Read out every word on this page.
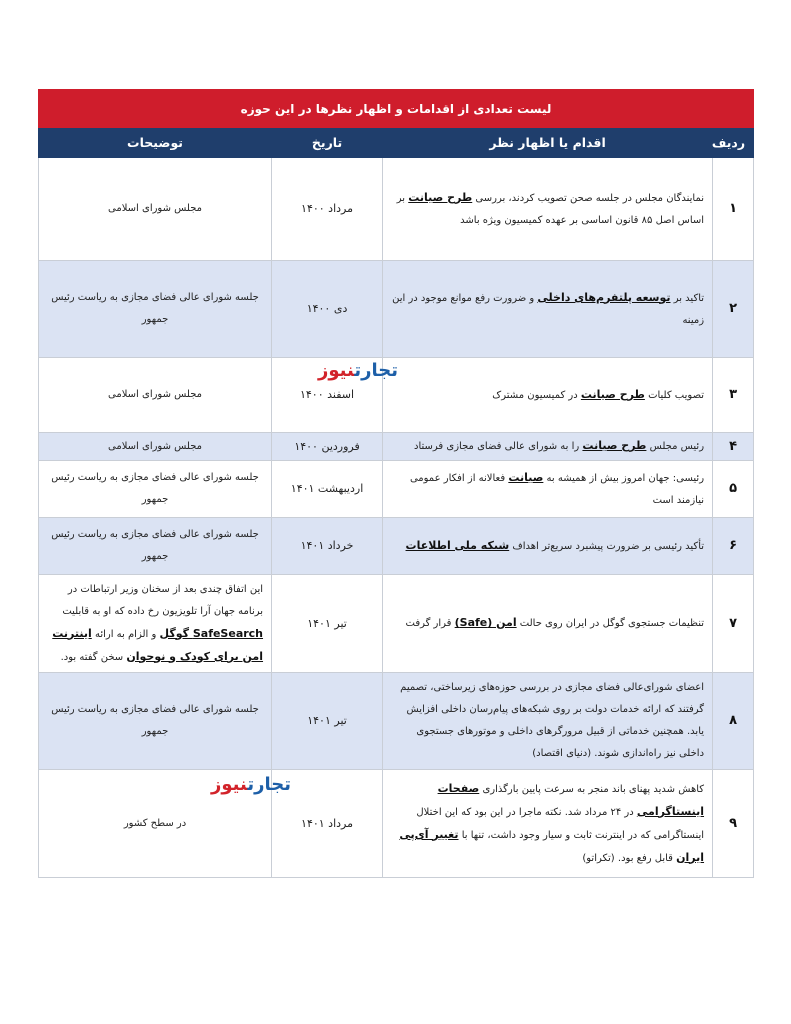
لیست تعدادی از اقدامات و اظهار نظرها در این حوزه			
ردیف	اقدام یا اظهار نظر	تاریخ	توضیحات
۱	نمایندگان مجلس در جلسه صحن تصویب کردند، بررسی طرح صیانت بر اساس اصل ۸۵ قانون اساسی بر عهده کمیسیون ویژه باشد	مرداد ۱۴۰۰	مجلس شورای اسلامی
۲	تاکید بر توسعه پلتفرم‌های داخلی و ضرورت رفع موانع موجود در این زمینه	دی ۱۴۰۰	جلسه شورای عالی فضای مجازی به ریاست رئیس جمهور
۳	تصویب کلیات طرح صیانت در کمیسیون مشترک	اسفند ۱۴۰۰	مجلس شورای اسلامی
۴	رئیس مجلس طرح صیانت را به شورای عالی فضای مجازی فرستاد	فروردین ۱۴۰۰	مجلس شورای اسلامی
۵	رئیسی: جهان امروز بیش از همیشه به صیانت فعالانه از افکار عمومی نیازمند است	اردیبهشت ۱۴۰۱	جلسه شورای عالی فضای مجازی به ریاست رئیس جمهور
۶	تأکید رئیسی بر ضرورت پیشبرد سریع‌تر اهداف شبکه ملی اطلاعات	خرداد ۱۴۰۱	جلسه شورای عالی فضای مجازی به ریاست رئیس جمهور
۷	تنظیمات جستجوی گوگل در ایران روی حالت امن (Safe) قرار گرفت	تیر ۱۴۰۱	این اتفاق چندی بعد از سخنان وزیر ارتباطات در برنامه جهان آرا تلویزیون رخ داده که او به قابلیت SafeSearch گوگل و الزام به ارائه اینترنت امن برای کودک و نوجوان سخن گفته بود.
۸	اعضای شورای‌عالی فضای مجازی در بررسی حوزه‌های زیرساختی، تصمیم گرفتند که ارائه خدمات دولت بر روی شبکه‌های پیام‌رسان داخلی افزایش یابد. همچنین خدماتی از قبیل مرورگرهای داخلی و موتورهای جستجوی داخلی نیز راه‌اندازی شوند. (دنیای اقتصاد)	تیر ۱۴۰۱	جلسه شورای عالی فضای مجازی به ریاست رئیس جمهور
۹	کاهش شدید پهنای باند منجر به سرعت پایین بارگذاری صفحات اینستاگرامی در ۲۴ مرداد شد. نکته ماجرا در این بود که این اختلال اینستاگرامی که در اینترنت ثابت و سیار وجود داشت، تنها با تغییر آی‌پی ایران قابل رفع بود. (تکراتو)	مرداد ۱۴۰۱	در سطح کشور
تجارتنیوز
تجارتنیوز
